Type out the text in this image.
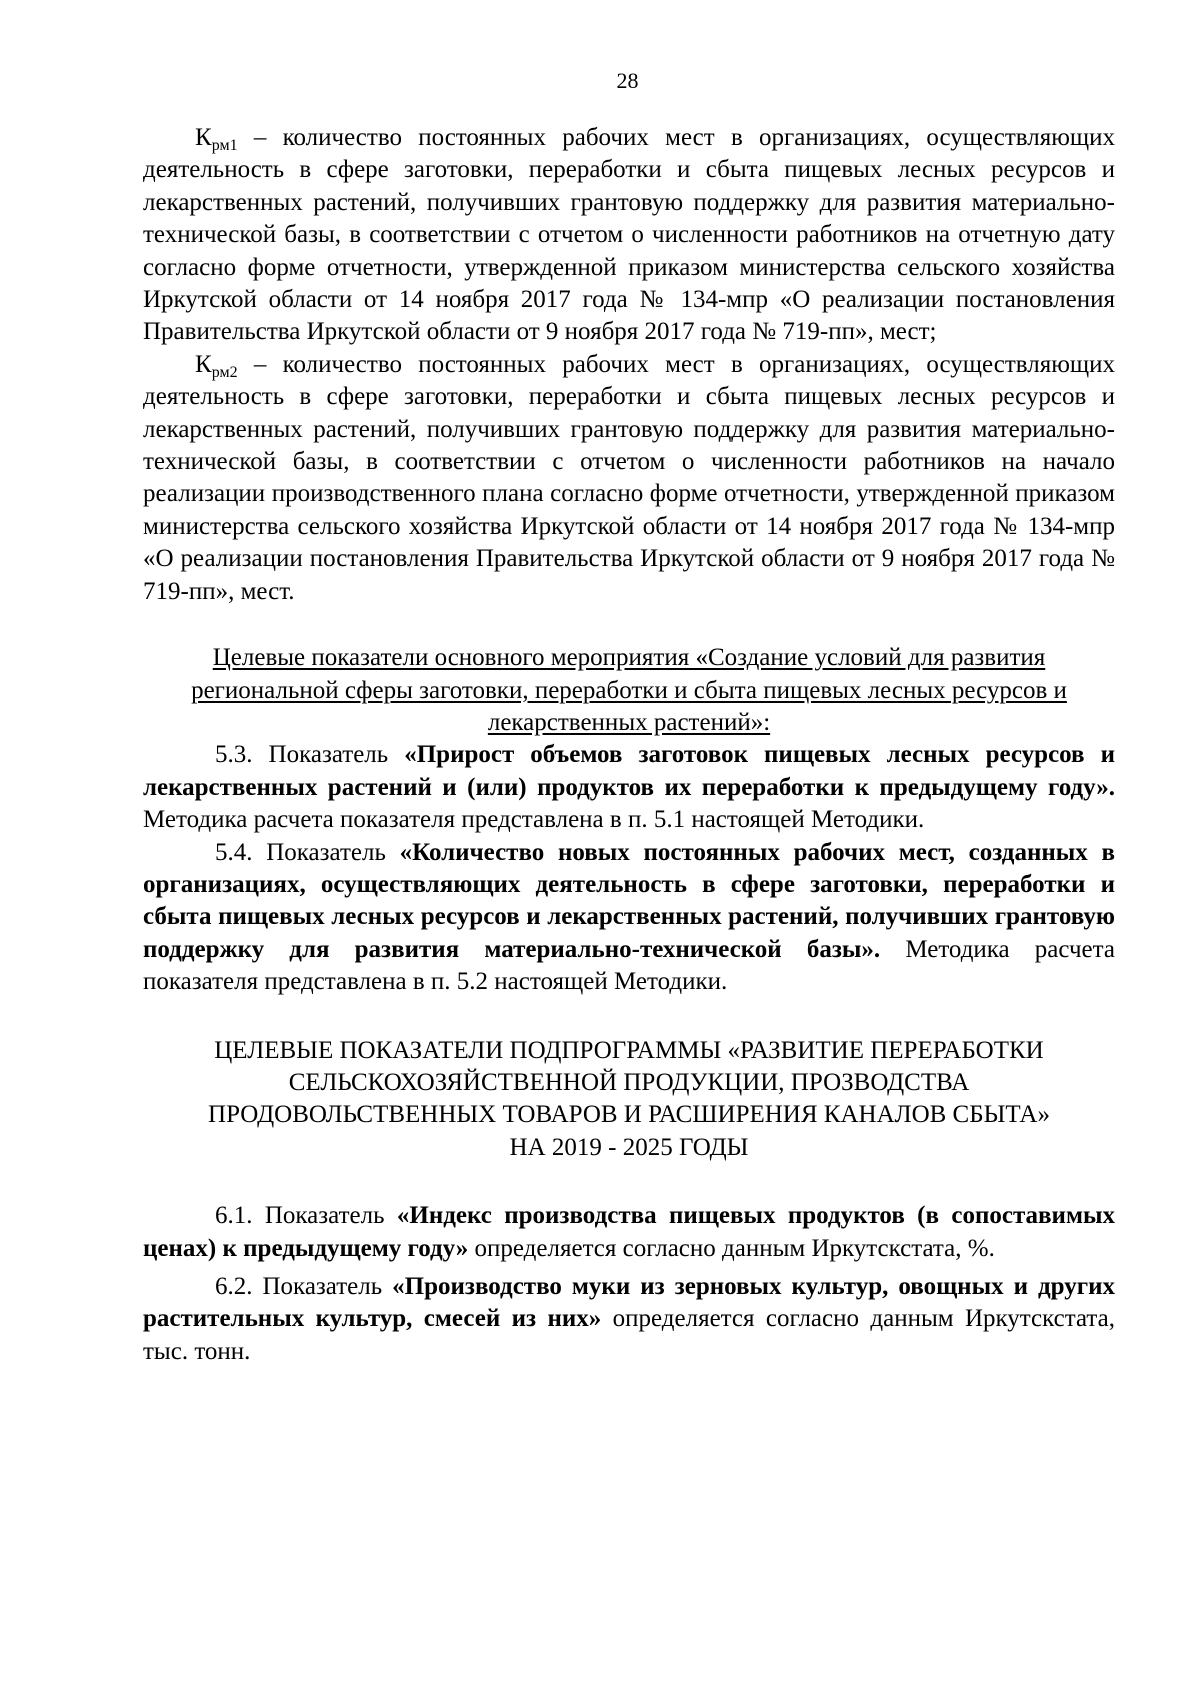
28

$К_{рм1}$ – количество постоянных рабочих мест в организациях, осуществляющих деятельность в сфере заготовки, переработки и сбыта пищевых лесных ресурсов и лекарственных растений, получивших грантовую поддержку для развития материально-технической базы, в соответствии с отчетом о численности работников на отчетную дату согласно форме отчетности, утвержденной приказом министерства сельского хозяйства Иркутской области от 14 ноября 2017 года № 134-мпр «О реализации постановления Правительства Иркутской области от 9 ноября 2017 года № 719-пп», мест;

$К_{рм2}$ – количество постоянных рабочих мест в организациях, осуществляющих деятельность в сфере заготовки, переработки и сбыта пищевых лесных ресурсов и лекарственных растений, получивших грантовую поддержку для развития материально-технической базы, в соответствии с отчетом о численности работников на начало реализации производственного плана согласно форме отчетности, утвержденной приказом министерства сельского хозяйства Иркутской области от 14 ноября 2017 года № 134-мпр «О реализации постановления Правительства Иркутской области от 9 ноября 2017 года № 719-пп», мест.

Целевые показатели основного мероприятия «Создание условий для развития региональной сферы заготовки, переработки и сбыта пищевых лесных ресурсов и лекарственных растений»:

5.3. Показатель «Прирост объемов заготовок пищевых лесных ресурсов и лекарственных растений и (или) продуктов их переработки к предыдущему году». Методика расчета показателя представлена в п. 5.1 настоящей Методики.

5.4. Показатель «Количество новых постоянных рабочих мест, созданных в организациях, осуществляющих деятельность в сфере заготовки, переработки и сбыта пищевых лесных ресурсов и лекарственных растений, получивших грантовую поддержку для развития материально-технической базы». Методика расчета показателя представлена в п. 5.2 настоящей Методики.

ЦЕЛЕВЫЕ ПОКАЗАТЕЛИ ПОДПРОГРАММЫ «РАЗВИТИЕ ПЕРЕРАБОТКИ
СЕЛЬСКОХОЗЯЙСТВЕННОЙ ПРОДУКЦИИ, ПРОЗВОДСТВА
ПРОДОВОЛЬСТВЕННЫХ ТОВАРОВ И РАСШИРЕНИЯ КАНАЛОВ СБЫТА»
НА 2019 - 2025 ГОДЫ

6.1. Показатель «Индекс производства пищевых продуктов (в сопоставимых ценах) к предыдущему году» определяется согласно данным Иркутскстата, %.

6.2. Показатель «Производство муки из зерновых культур, овощных и других растительных культур, смесей из них» определяется согласно данным Иркутскстата, тыс. тонн.
